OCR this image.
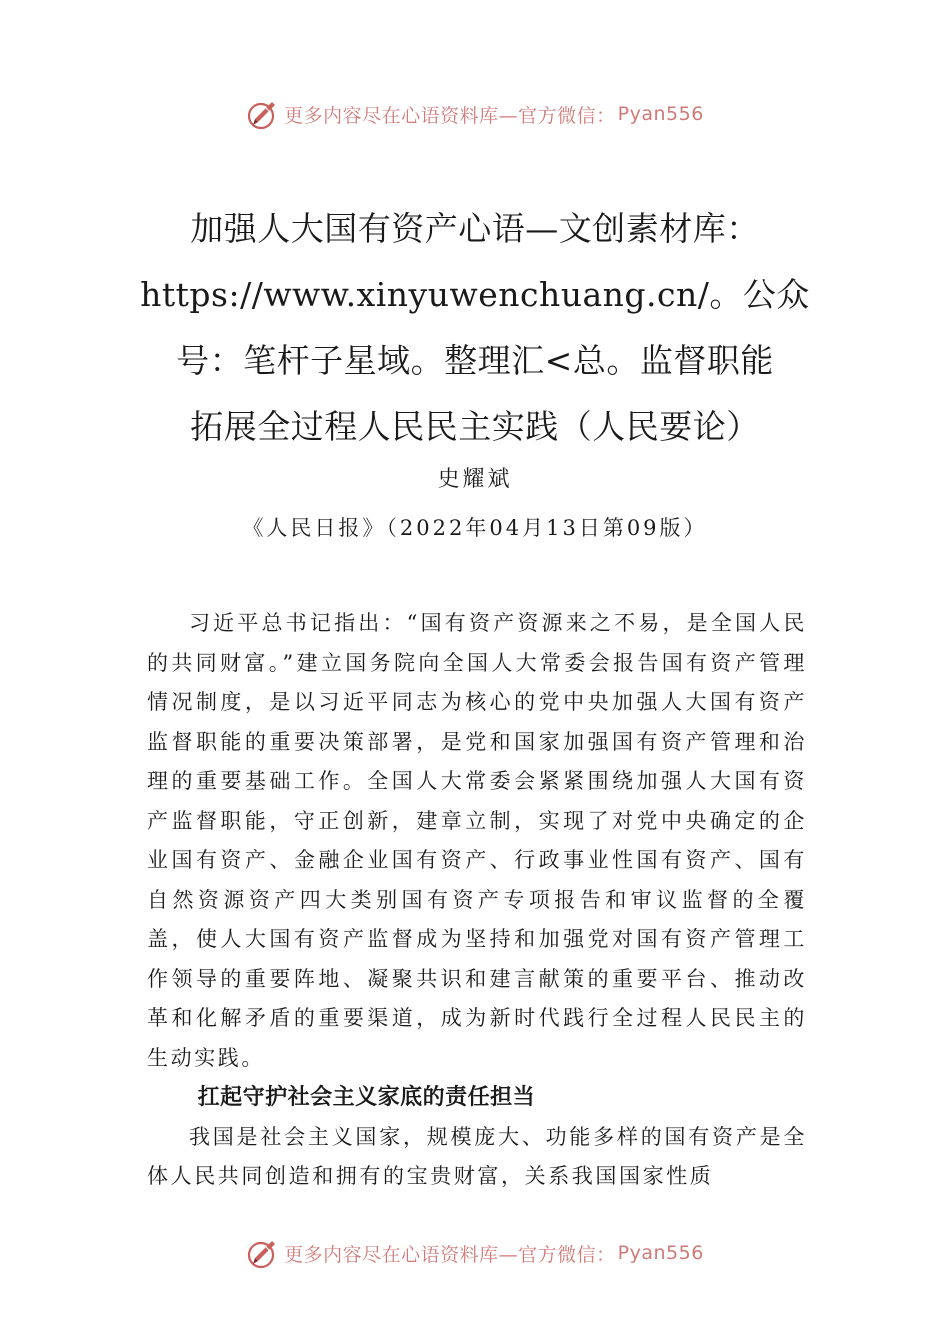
更多内容尽在心语资料库—官方微信： Pyan556
加强人大国有资产心语—文创素材库：
https://www.xinyuwenchuang.cn/。公众
号：笔杆子星域。整理汇<总。监督职能
拓展全过程人民民主实践（人民要论）
史耀斌
《人民日报》（2022年04月13日第09版）

习近平总书记指出：“国有资产资源来之不易，是全国人民的共同财富。”建立国务院向全国人大常委会报告国有资产管理情况制度，是以习近平同志为核心的党中央加强人大国有资产监督职能的重要决策部署，是党和国家加强国有资产管理和治理的重要基础工作。全国人大常委会紧紧围绕加强人大国有资产监督职能，守正创新，建章立制，实现了对党中央确定的企业国有资产、金融企业国有资产、行政事业性国有资产、国有自然资源资产四大类别国有资产专项报告和审议监督的全覆盖，使人大国有资产监督成为坚持和加强党对国有资产管理工作领导的重要阵地、凝聚共识和建言献策的重要平台、推动改革和化解矛盾的重要渠道，成为新时代践行全过程人民民主的生动实践。

扛起守护社会主义家底的责任担当

我国是社会主义国家，规模庞大、功能多样的国有资产是全体人民共同创造和拥有的宝贵财富，关系我国国家性质

更多内容尽在心语资料库—官方微信： Pyan556
